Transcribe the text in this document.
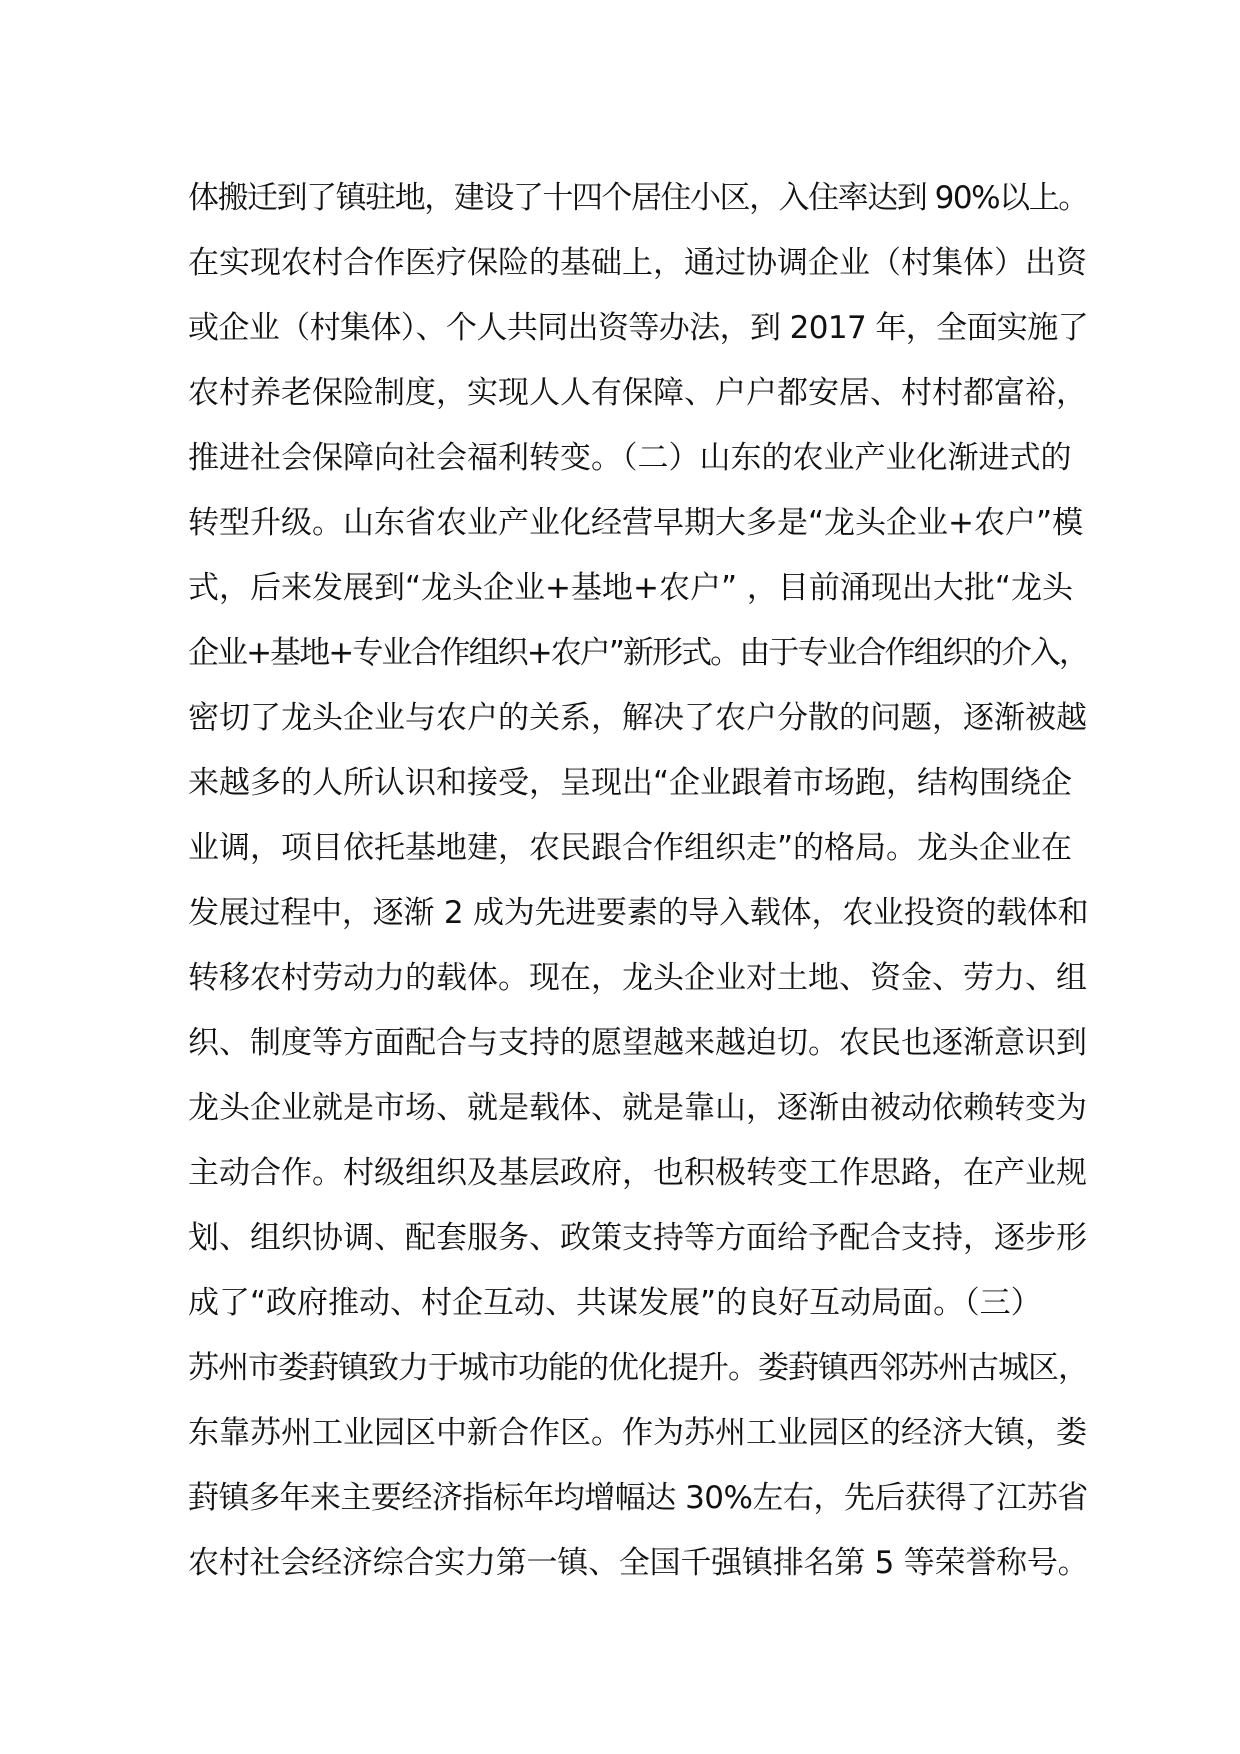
体搬迁到了镇驻地，建设了十四个居住小区，入住率达到 90%以上。
在实现农村合作医疗保险的基础上，通过协调企业（村集体）出资
或企业（村集体）、个人共同出资等办法，到 2017 年，全面实施了
农村养老保险制度，实现人人有保障、户户都安居、村村都富裕，
推进社会保障向社会福利转变。（二）山东的农业产业化渐进式的
转型升级。山东省农业产业化经营早期大多是“龙头企业+农户”模
式，后来发展到“龙头企业+基地+农户” ，目前涌现出大批“龙头
企业+基地+专业合作组织+农户”新形式。由于专业合作组织的介入，
密切了龙头企业与农户的关系，解决了农户分散的问题，逐渐被越
来越多的人所认识和接受，呈现出“企业跟着市场跑，结构围绕企
业调，项目依托基地建，农民跟合作组织走”的格局。龙头企业在
发展过程中，逐渐 2 成为先进要素的导入载体，农业投资的载体和
转移农村劳动力的载体。现在，龙头企业对土地、资金、劳力、组
织、制度等方面配合与支持的愿望越来越迫切。农民也逐渐意识到
龙头企业就是市场、就是载体、就是靠山，逐渐由被动依赖转变为
主动合作。村级组织及基层政府，也积极转变工作思路，在产业规
划、组织协调、配套服务、政策支持等方面给予配合支持，逐步形
成了“政府推动、村企互动、共谋发展”的良好互动局面。（三）
苏州市娄葑镇致力于城市功能的优化提升。娄葑镇西邻苏州古城区，
东靠苏州工业园区中新合作区。作为苏州工业园区的经济大镇，娄
葑镇多年来主要经济指标年均增幅达 30%左右，先后获得了江苏省
农村社会经济综合实力第一镇、全国千强镇排名第 5 等荣誉称号。
